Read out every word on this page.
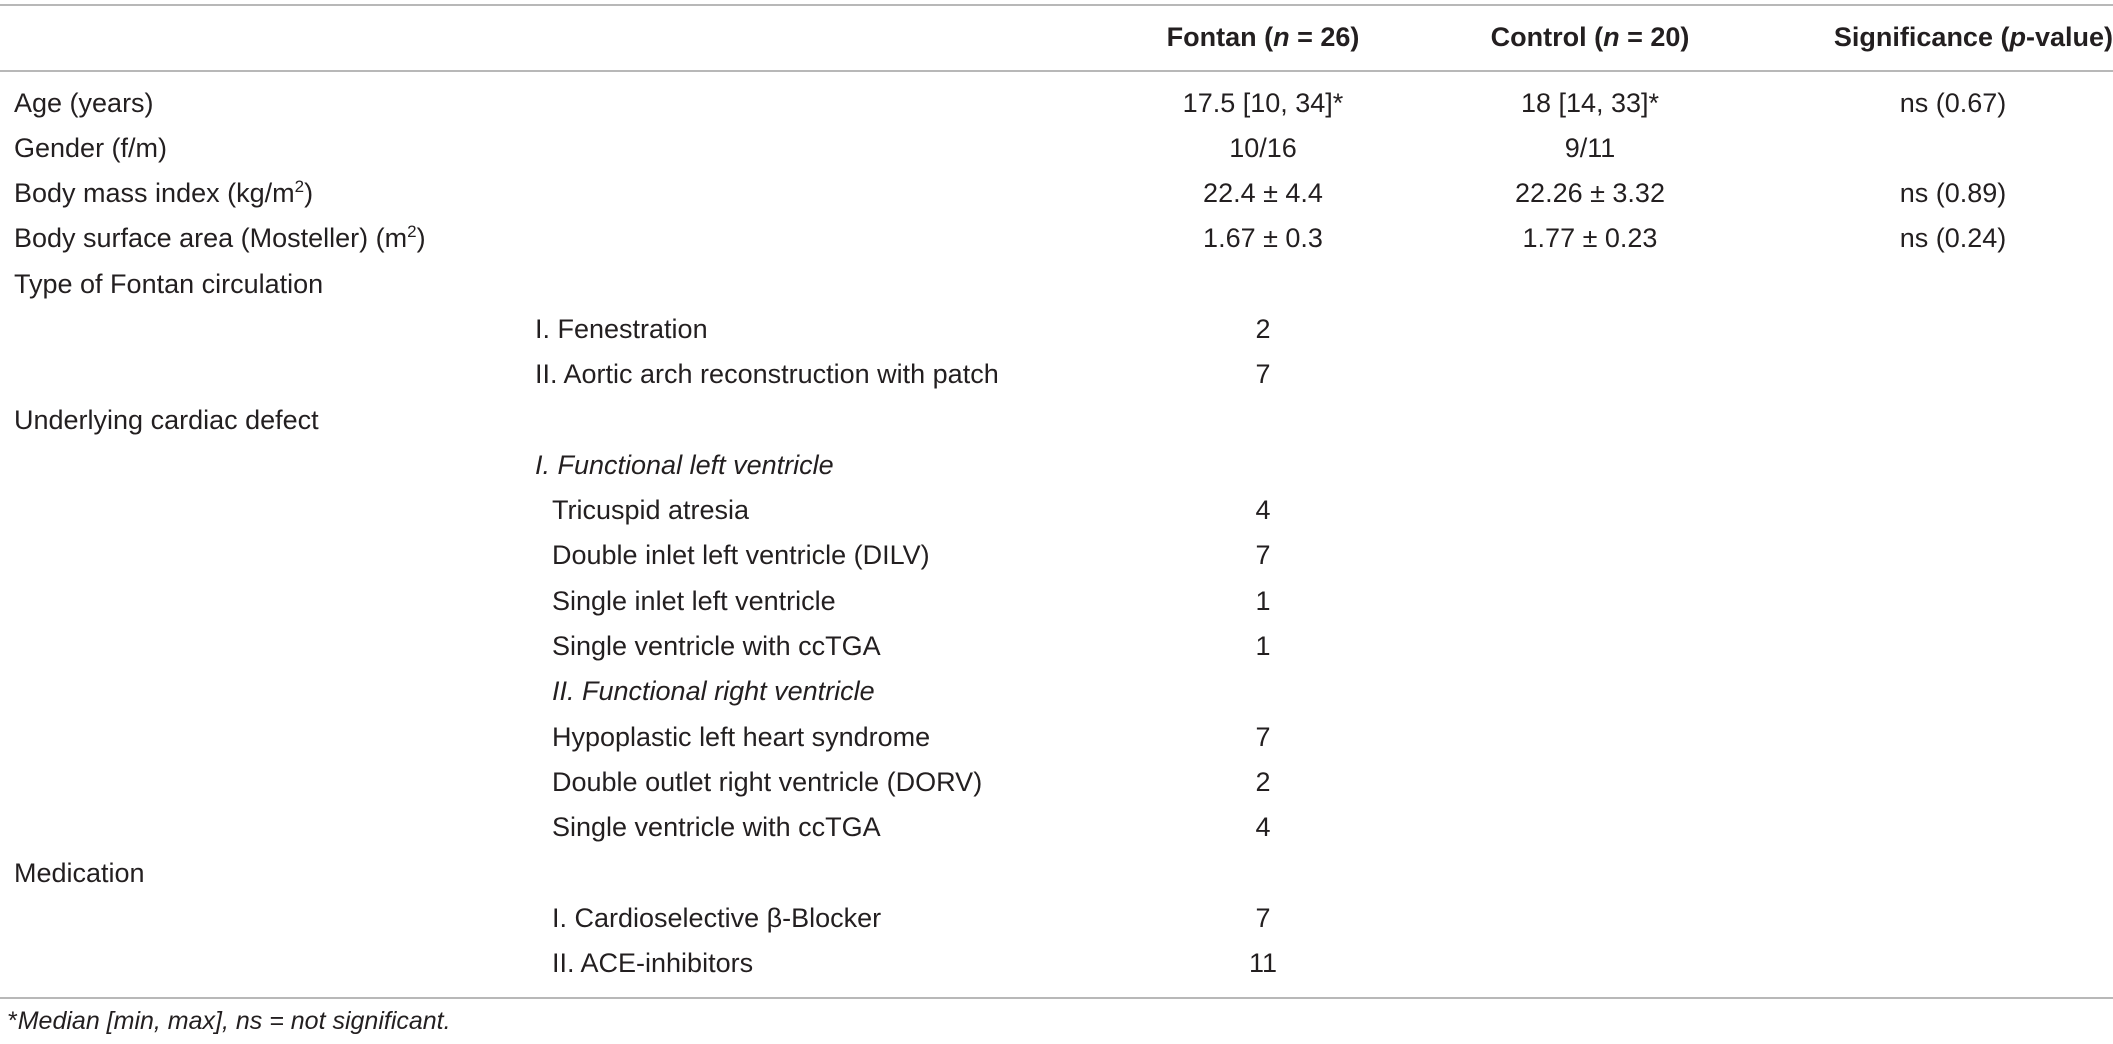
Fontan (n = 26)	Control (n = 20)	Significance (p-value)
Age (years)	17.5 [10, 34]*	18 [14, 33]*	ns (0.67)
Gender (f/m)	10/16	9/11
Body mass index $(kg/m^2)$	22.4 ± 4.4	22.26 ± 3.32	ns (0.89)
Body surface area (Mosteller) $(m^2)$	1.67 ± 0.3	1.77 ± 0.23	ns (0.24)
Type of Fontan circulation
I. Fenestration	2
II. Aortic arch reconstruction with patch	7
Underlying cardiac defect
I. Functional left ventricle
Tricuspid atresia	4
Double inlet left ventricle (DILV)	7
Single inlet left ventricle	1
Single ventricle with ccTGA	1
II. Functional right ventricle
Hypoplastic left heart syndrome	7
Double outlet right ventricle (DORV)	2
Single ventricle with ccTGA	4
Medication
I. Cardioselective β-Blocker	7
II. ACE-inhibitors	11
*Median [min, max], ns = not significant.
